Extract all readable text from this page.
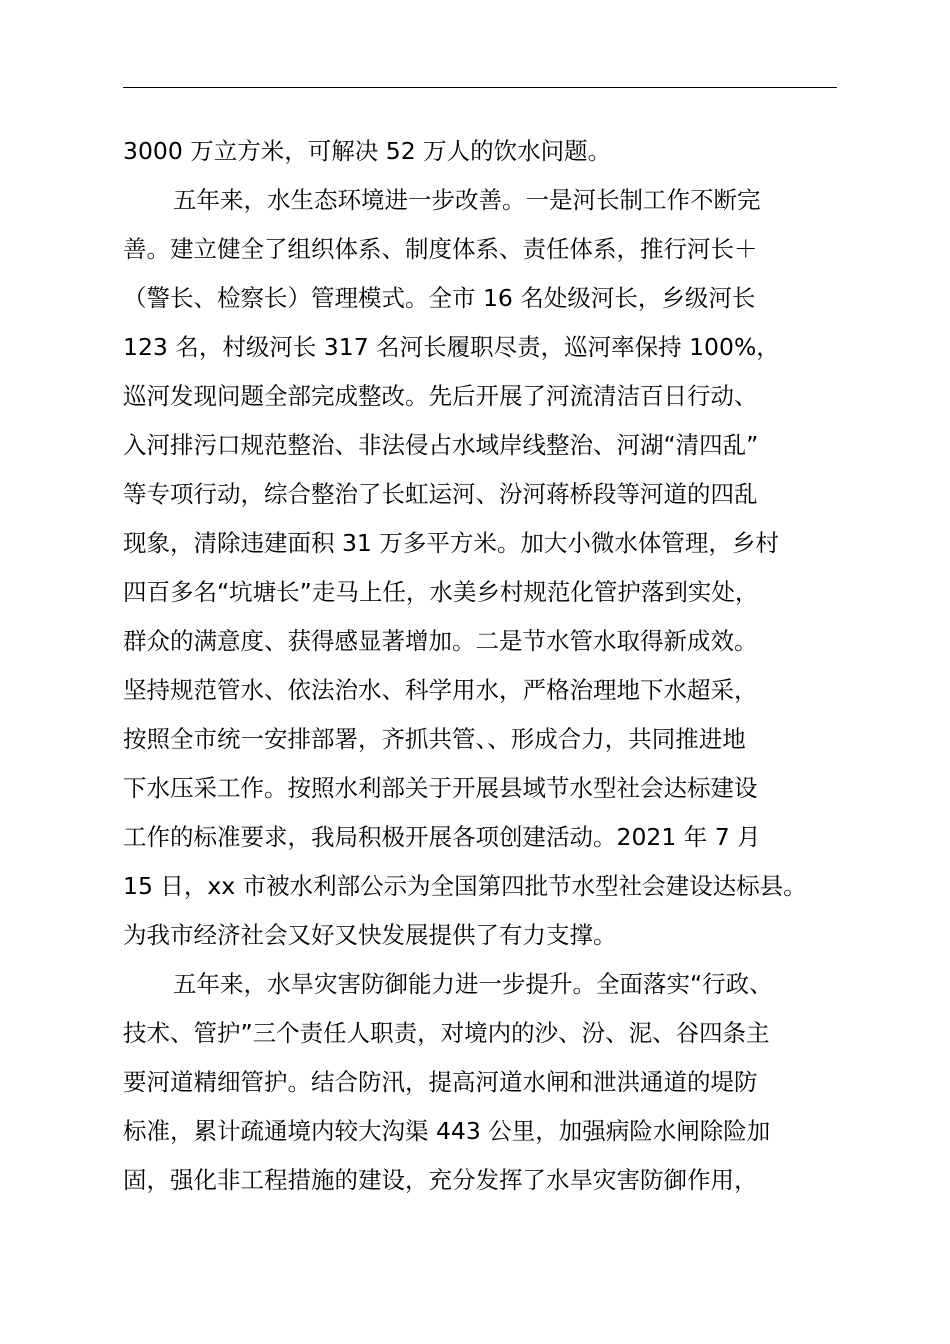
3000 万立方米，可解决 52 万人的饮水问题。
五年来，水生态环境进一步改善。一是河长制工作不断完
善。建立健全了组织体系、制度体系、责任体系，推行河长＋
（警长、检察长）管理模式。全市 16 名处级河长，乡级河长
123 名，村级河长 317 名河长履职尽责，巡河率保持 100%，
巡河发现问题全部完成整改。先后开展了河流清洁百日行动、
入河排污口规范整治、非法侵占水域岸线整治、河湖“清四乱”
等专项行动，综合整治了长虹运河、汾河蒋桥段等河道的四乱
现象，清除违建面积 31 万多平方米。加大小微水体管理，乡村
四百多名“坑塘长”走马上任，水美乡村规范化管护落到实处，
群众的满意度、获得感显著增加。二是节水管水取得新成效。
坚持规范管水、依法治水、科学用水，严格治理地下水超采，
按照全市统一安排部署，齐抓共管、、形成合力，共同推进地
下水压采工作。按照水利部关于开展县域节水型社会达标建设
工作的标准要求，我局积极开展各项创建活动。2021 年 7 月
15 日，xx 市被水利部公示为全国第四批节水型社会建设达标县。
为我市经济社会又好又快发展提供了有力支撑。
五年来，水旱灾害防御能力进一步提升。全面落实“行政、
技术、管护”三个责任人职责，对境内的沙、汾、泥、谷四条主
要河道精细管护。结合防汛，提高河道水闸和泄洪通道的堤防
标准，累计疏通境内较大沟渠 443 公里，加强病险水闸除险加
固，强化非工程措施的建设，充分发挥了水旱灾害防御作用，
